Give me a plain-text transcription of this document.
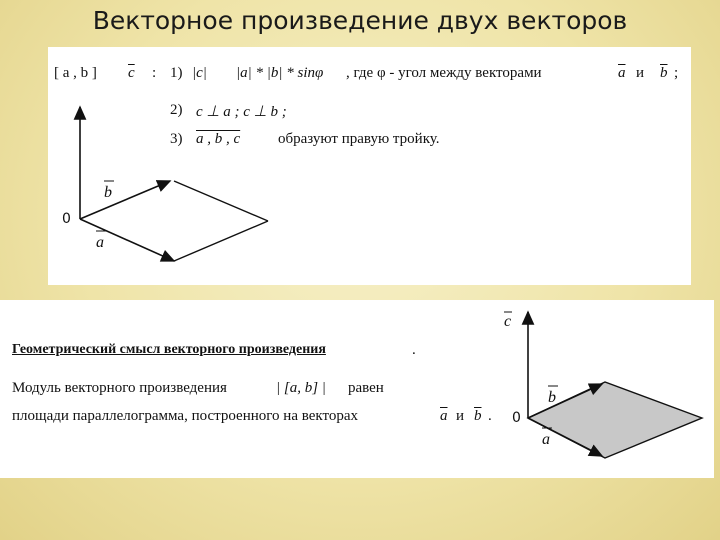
Векторное произведение двух векторов
[ a , b ] $\overline{c}$ : 1) |c| |a| * |b| * sinφ , где φ - угол между векторами	$\overline{a}$ и $\overline{b}$ ;
2) c ⊥ a ; c ⊥ b ;
3) a , b , c	образуют правую тройку.
0
b
a
Геометрический смысл векторного произведения	.
Модуль векторного произведения	| [a, b] | равен
площади параллелограмма, построенного на векторах	$\overline{a}$ и $\overline{b}$ .
c
b
a
0
